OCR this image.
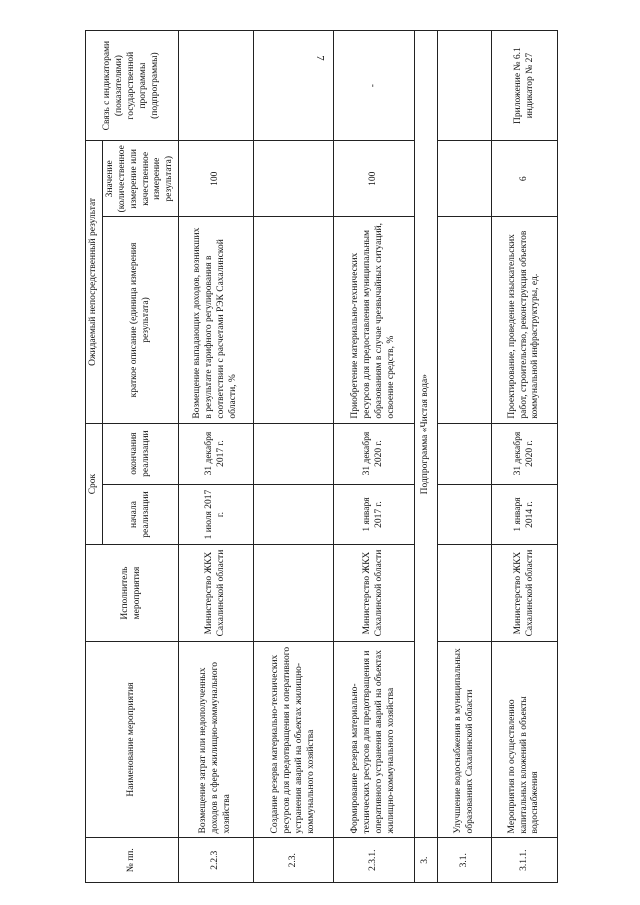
7
№ пп.	Наименование мероприятия	Исполнитель мероприятия	Срок		Ожидаемый непосредственный результат		Связь с индикаторами (показателями) государственной программы (подпрограммы)
			начала реализации	окончания реализации	краткое описание (единица измерения результата)	Значение (количественное измерение или качественное измерение результата)	

2.2.3	Возмещение затрат или недополученных доходов в сфере жилищно-коммунального хозяйства	Министерство ЖКХ Сахалинской области	1 июля 2017 г.	31 декабря 2017 г.	Возмещение выпадающих доходов, возникших в результате тарифного регулирования в соответствии с расчетами РЭК Сахалинской области, %	100	
2.3.	Создание резерва материально-технических ресурсов для предотвращения и оперативного устранения аварий на объектах жилищно-коммунального хозяйства						
2.3.1.	Формирование резерва материально-технических ресурсов для предотвращения и оперативного устранения аварий на объектах жилищно-коммунального хозяйства	Министерство ЖКХ Сахалинской области	1 января 2017 г.	31 декабря 2020 г.	Приобретение материально-технических ресурсов для предоставления муниципальным образованиям в случае чрезвычайных ситуаций, освоение средств, %	100	-
3.	Подпрограмма «Чистая вода»						
3.1.	Улучшение водоснабжения в муниципальных образованиях Сахалинской области						
3.1.1.	Мероприятия по осуществлению капитальных вложений в объекты водоснабжения	Министерство ЖКХ Сахалинской области	1 января 2014 г.	31 декабря 2020 г.	Проектирование, проведение изыскательских работ, строительство, реконструкция объектов коммунальной инфраструктуры, ед.	6	Приложение № 6.1 индикатор № 27
